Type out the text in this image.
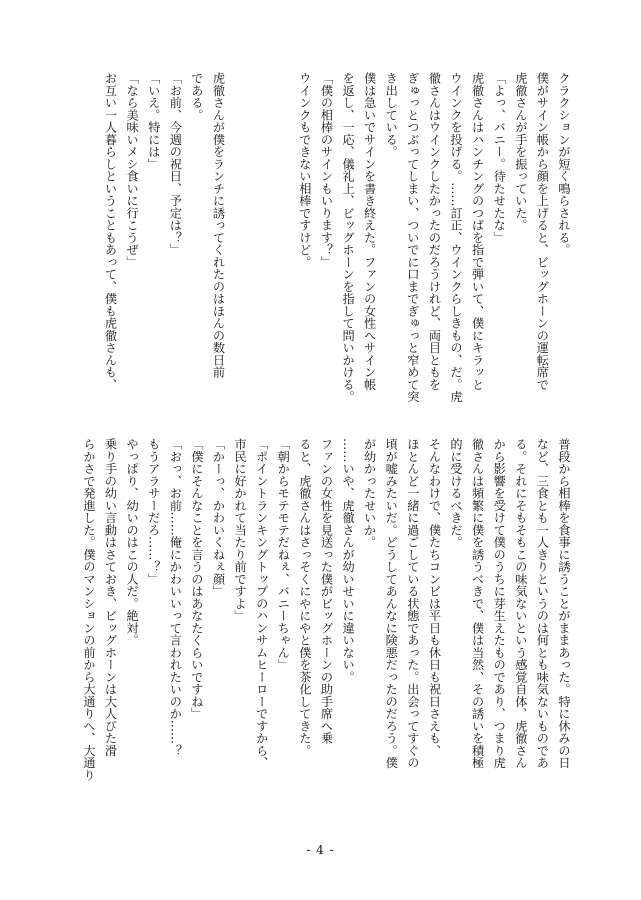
クラクションが短く鳴らされる。

僕がサイン帳から顔を上げると、ビッグホーンの運転席で

虎徹さんが手を振っていた。

「よっ、バニー。待たせたな」

虎徹さんはハンチングのつばを指で弾いて、僕にキラッと

ウインクを投げる。……訂正、ウインクらしきもの、だ。虎

徹さんはウインクしたかったのだろうけれど、両目ともを

ぎゅっとつぶってしまい、ついでに口までぎゅっと窄めて突

き出している。

僕は急いでサインを書き終えた。ファンの女性へサイン帳

を返し、一応、儀礼上、ビッグホーンを指して問いかける。

「僕の相棒のサインもいります？」

ウインクもできない相棒ですけど。

虎徹さんが僕をランチに誘ってくれたのはほんの数日前

である。

「お前、今週の祝日、予定は？」

「いえ。特には」

「なら美味いメシ食いに行こうぜ」

お互い一人暮らしということもあって、僕も虎徹さんも、

普段から相棒を食事に誘うことがままあった。特に休みの日

など、三食とも一人きりというのは何とも味気ないものであ

る。それにそもそもこの味気ないという感覚自体、虎徹さん

から影響を受けて僕のうちに芽生えたものであり、つまり虎

徹さんは頻繁に僕を誘うべきで、僕は当然、その誘いを積極

的に受けるべきだ。

そんなわけで、僕たちコンビは平日も休日も祝日さえも、

ほとんど一緒に過ごしている状態であった。出会ってすぐの

頃が嘘みたいだ。どうしてあんなに険悪だったのだろう。僕

が幼かったせいか。

……いや、虎徹さんが幼いせいに違いない。

ファンの女性を見送った僕がビッグホーンの助手席へ乗

ると、虎徹さんはさっそくにやにやと僕を茶化してきた。

「朝からモテモテだねぇ、バニーちゃん」

「ポイントランキングトップのハンサムヒーローですから、

市民に好かれて当たり前ですよ」

「かーっ、かわいくねぇ顔」

「僕にそんなことを言うのはあなたくらいですね」

「おっ、お前……俺にかわいいって言われたいのか……？

もうアラサーだろ……？」

やっぱり、幼いのはこの人だ。絶対。

乗り手の幼い言動はさておき、ビッグホーンは大人びた滑

らかさで発進した。僕のマンションの前から大通りへ、大通り

- 4 -
